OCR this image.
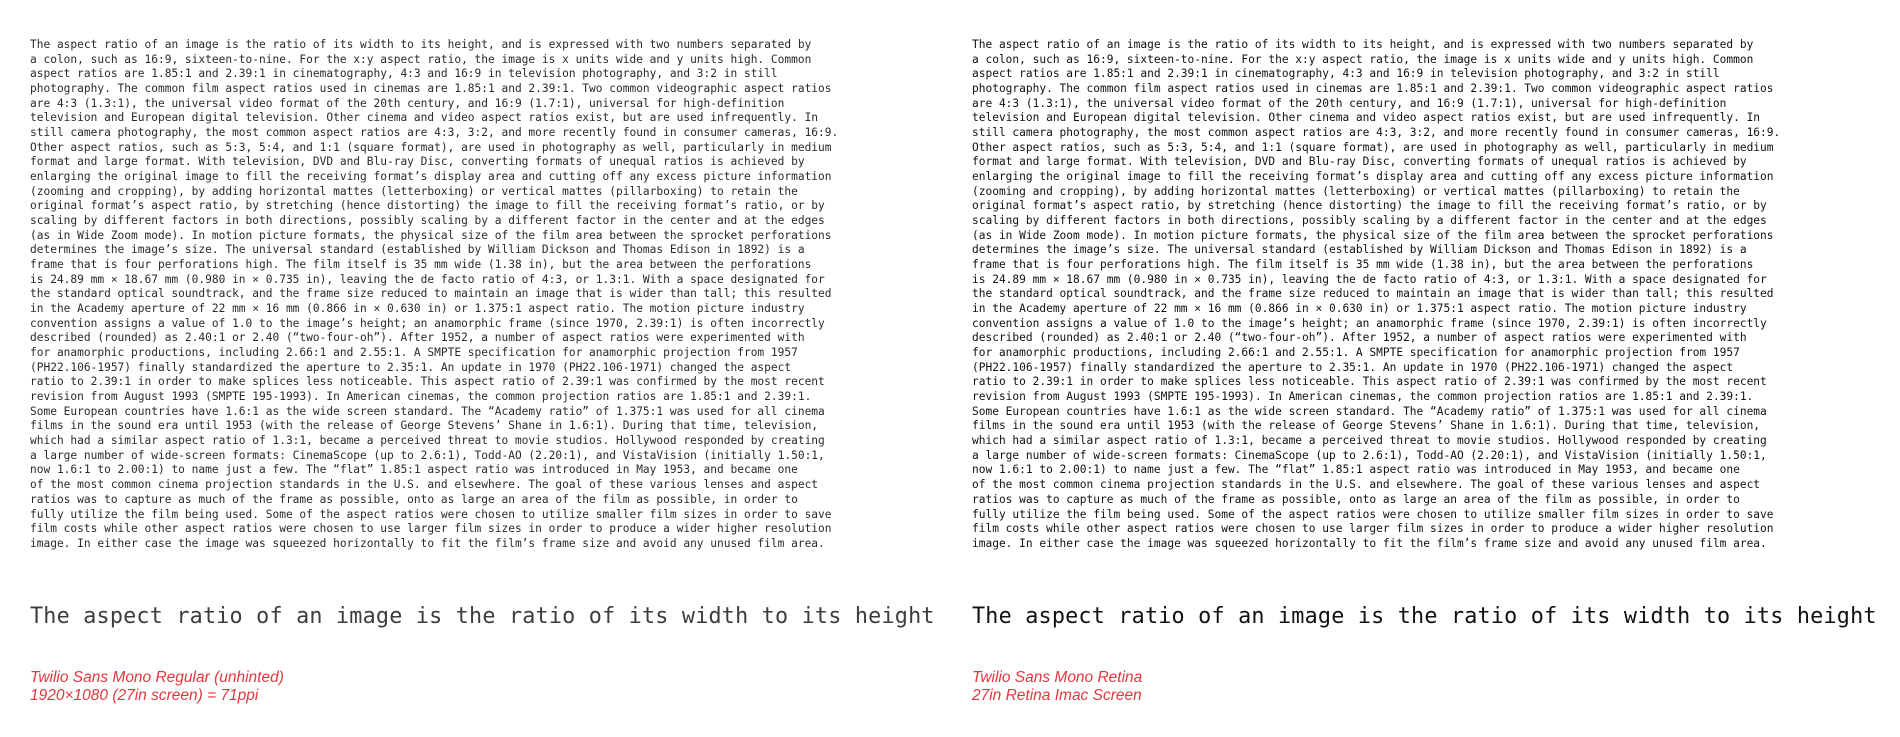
The aspect ratio of an image is the ratio of its width to its height, and is expressed with two numbers separated by
a colon, such as 16:9, sixteen-to-nine. For the x:y aspect ratio, the image is x units wide and y units high. Common
aspect ratios are 1.85:1 and 2.39:1 in cinematography, 4:3 and 16:9 in television photography, and 3:2 in still
photography. The common film aspect ratios used in cinemas are 1.85:1 and 2.39:1. Two common videographic aspect ratios
are 4:3 (1.3:1), the universal video format of the 20th century, and 16:9 (1.7:1), universal for high-definition
television and European digital television. Other cinema and video aspect ratios exist, but are used infrequently. In
still camera photography, the most common aspect ratios are 4:3, 3:2, and more recently found in consumer cameras, 16:9.
Other aspect ratios, such as 5:3, 5:4, and 1:1 (square format), are used in photography as well, particularly in medium
format and large format. With television, DVD and Blu-ray Disc, converting formats of unequal ratios is achieved by
enlarging the original image to fill the receiving format’s display area and cutting off any excess picture information
(zooming and cropping), by adding horizontal mattes (letterboxing) or vertical mattes (pillarboxing) to retain the
original format’s aspect ratio, by stretching (hence distorting) the image to fill the receiving format’s ratio, or by
scaling by different factors in both directions, possibly scaling by a different factor in the center and at the edges
(as in Wide Zoom mode). In motion picture formats, the physical size of the film area between the sprocket perforations
determines the image’s size. The universal standard (established by William Dickson and Thomas Edison in 1892) is a
frame that is four perforations high. The film itself is 35 mm wide (1.38 in), but the area between the perforations
is 24.89 mm × 18.67 mm (0.980 in × 0.735 in), leaving the de facto ratio of 4:3, or 1.3:1. With a space designated for
the standard optical soundtrack, and the frame size reduced to maintain an image that is wider than tall; this resulted
in the Academy aperture of 22 mm × 16 mm (0.866 in × 0.630 in) or 1.375:1 aspect ratio. The motion picture industry
convention assigns a value of 1.0 to the image’s height; an anamorphic frame (since 1970, 2.39:1) is often incorrectly
described (rounded) as 2.40:1 or 2.40 (“two-four-oh”). After 1952, a number of aspect ratios were experimented with
for anamorphic productions, including 2.66:1 and 2.55:1. A SMPTE specification for anamorphic projection from 1957
(PH22.106-1957) finally standardized the aperture to 2.35:1. An update in 1970 (PH22.106-1971) changed the aspect
ratio to 2.39:1 in order to make splices less noticeable. This aspect ratio of 2.39:1 was confirmed by the most recent
revision from August 1993 (SMPTE 195-1993). In American cinemas, the common projection ratios are 1.85:1 and 2.39:1.
Some European countries have 1.6:1 as the wide screen standard. The “Academy ratio” of 1.375:1 was used for all cinema
films in the sound era until 1953 (with the release of George Stevens’ Shane in 1.6:1). During that time, television,
which had a similar aspect ratio of 1.3:1, became a perceived threat to movie studios. Hollywood responded by creating
a large number of wide-screen formats: CinemaScope (up to 2.6:1), Todd-AO (2.20:1), and VistaVision (initially 1.50:1,
now 1.6:1 to 2.00:1) to name just a few. The “flat” 1.85:1 aspect ratio was introduced in May 1953, and became one
of the most common cinema projection standards in the U.S. and elsewhere. The goal of these various lenses and aspect
ratios was to capture as much of the frame as possible, onto as large an area of the film as possible, in order to
fully utilize the film being used. Some of the aspect ratios were chosen to utilize smaller film sizes in order to save
film costs while other aspect ratios were chosen to use larger film sizes in order to produce a wider higher resolution
image. In either case the image was squeezed horizontally to fit the film’s frame size and avoid any unused film area.
The aspect ratio of an image is the ratio of its width to its height
Twilio Sans Mono Regular (unhinted)
1920×1080 (27in screen) = 71ppi
The aspect ratio of an image is the ratio of its width to its height, and is expressed with two numbers separated by
a colon, such as 16:9, sixteen-to-nine. For the x:y aspect ratio, the image is x units wide and y units high. Common
aspect ratios are 1.85:1 and 2.39:1 in cinematography, 4:3 and 16:9 in television photography, and 3:2 in still
photography. The common film aspect ratios used in cinemas are 1.85:1 and 2.39:1. Two common videographic aspect ratios
are 4:3 (1.3:1), the universal video format of the 20th century, and 16:9 (1.7:1), universal for high-definition
television and European digital television. Other cinema and video aspect ratios exist, but are used infrequently. In
still camera photography, the most common aspect ratios are 4:3, 3:2, and more recently found in consumer cameras, 16:9.
Other aspect ratios, such as 5:3, 5:4, and 1:1 (square format), are used in photography as well, particularly in medium
format and large format. With television, DVD and Blu-ray Disc, converting formats of unequal ratios is achieved by
enlarging the original image to fill the receiving format’s display area and cutting off any excess picture information
(zooming and cropping), by adding horizontal mattes (letterboxing) or vertical mattes (pillarboxing) to retain the
original format’s aspect ratio, by stretching (hence distorting) the image to fill the receiving format’s ratio, or by
scaling by different factors in both directions, possibly scaling by a different factor in the center and at the edges
(as in Wide Zoom mode). In motion picture formats, the physical size of the film area between the sprocket perforations
determines the image’s size. The universal standard (established by William Dickson and Thomas Edison in 1892) is a
frame that is four perforations high. The film itself is 35 mm wide (1.38 in), but the area between the perforations
is 24.89 mm × 18.67 mm (0.980 in × 0.735 in), leaving the de facto ratio of 4:3, or 1.3:1. With a space designated for
the standard optical soundtrack, and the frame size reduced to maintain an image that is wider than tall; this resulted
in the Academy aperture of 22 mm × 16 mm (0.866 in × 0.630 in) or 1.375:1 aspect ratio. The motion picture industry
convention assigns a value of 1.0 to the image’s height; an anamorphic frame (since 1970, 2.39:1) is often incorrectly
described (rounded) as 2.40:1 or 2.40 (“two-four-oh”). After 1952, a number of aspect ratios were experimented with
for anamorphic productions, including 2.66:1 and 2.55:1. A SMPTE specification for anamorphic projection from 1957
(PH22.106-1957) finally standardized the aperture to 2.35:1. An update in 1970 (PH22.106-1971) changed the aspect
ratio to 2.39:1 in order to make splices less noticeable. This aspect ratio of 2.39:1 was confirmed by the most recent
revision from August 1993 (SMPTE 195-1993). In American cinemas, the common projection ratios are 1.85:1 and 2.39:1.
Some European countries have 1.6:1 as the wide screen standard. The “Academy ratio” of 1.375:1 was used for all cinema
films in the sound era until 1953 (with the release of George Stevens’ Shane in 1.6:1). During that time, television,
which had a similar aspect ratio of 1.3:1, became a perceived threat to movie studios. Hollywood responded by creating
a large number of wide-screen formats: CinemaScope (up to 2.6:1), Todd-AO (2.20:1), and VistaVision (initially 1.50:1,
now 1.6:1 to 2.00:1) to name just a few. The “flat” 1.85:1 aspect ratio was introduced in May 1953, and became one
of the most common cinema projection standards in the U.S. and elsewhere. The goal of these various lenses and aspect
ratios was to capture as much of the frame as possible, onto as large an area of the film as possible, in order to
fully utilize the film being used. Some of the aspect ratios were chosen to utilize smaller film sizes in order to save
film costs while other aspect ratios were chosen to use larger film sizes in order to produce a wider higher resolution
image. In either case the image was squeezed horizontally to fit the film’s frame size and avoid any unused film area.
The aspect ratio of an image is the ratio of its width to its height
Twilio Sans Mono Retina
27in Retina Imac Screen
